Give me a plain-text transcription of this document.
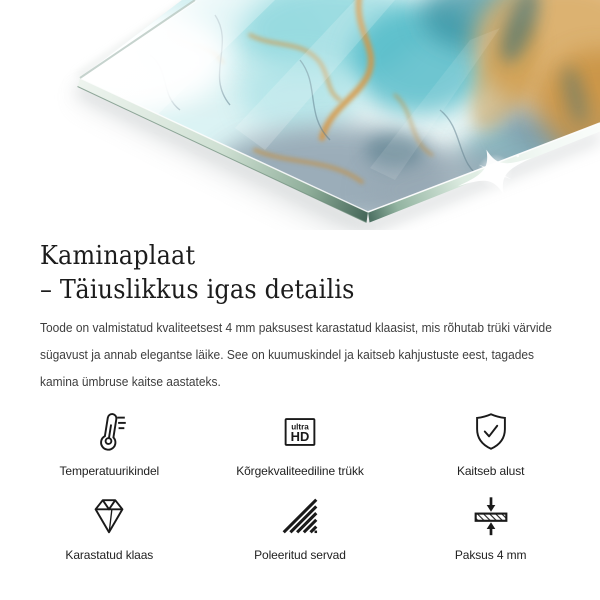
Kaminaplaat
– Täiuslikkus igas detailis
Toode on valmistatud kvaliteetsest 4 mm paksusest karastatud klaasist, mis rõhutab trüki värvide
sügavust ja annab elegantse läike. See on kuumuskindel ja kaitseb kahjustuste eest, tagades
kamina ümbruse kaitse aastateks.
Temperatuurikindel
ultra
HD
Kõrgekvaliteediline trükk	Kaitseb alust
Karastatud klaas	Poleeritud servad	Paksus 4 mm
